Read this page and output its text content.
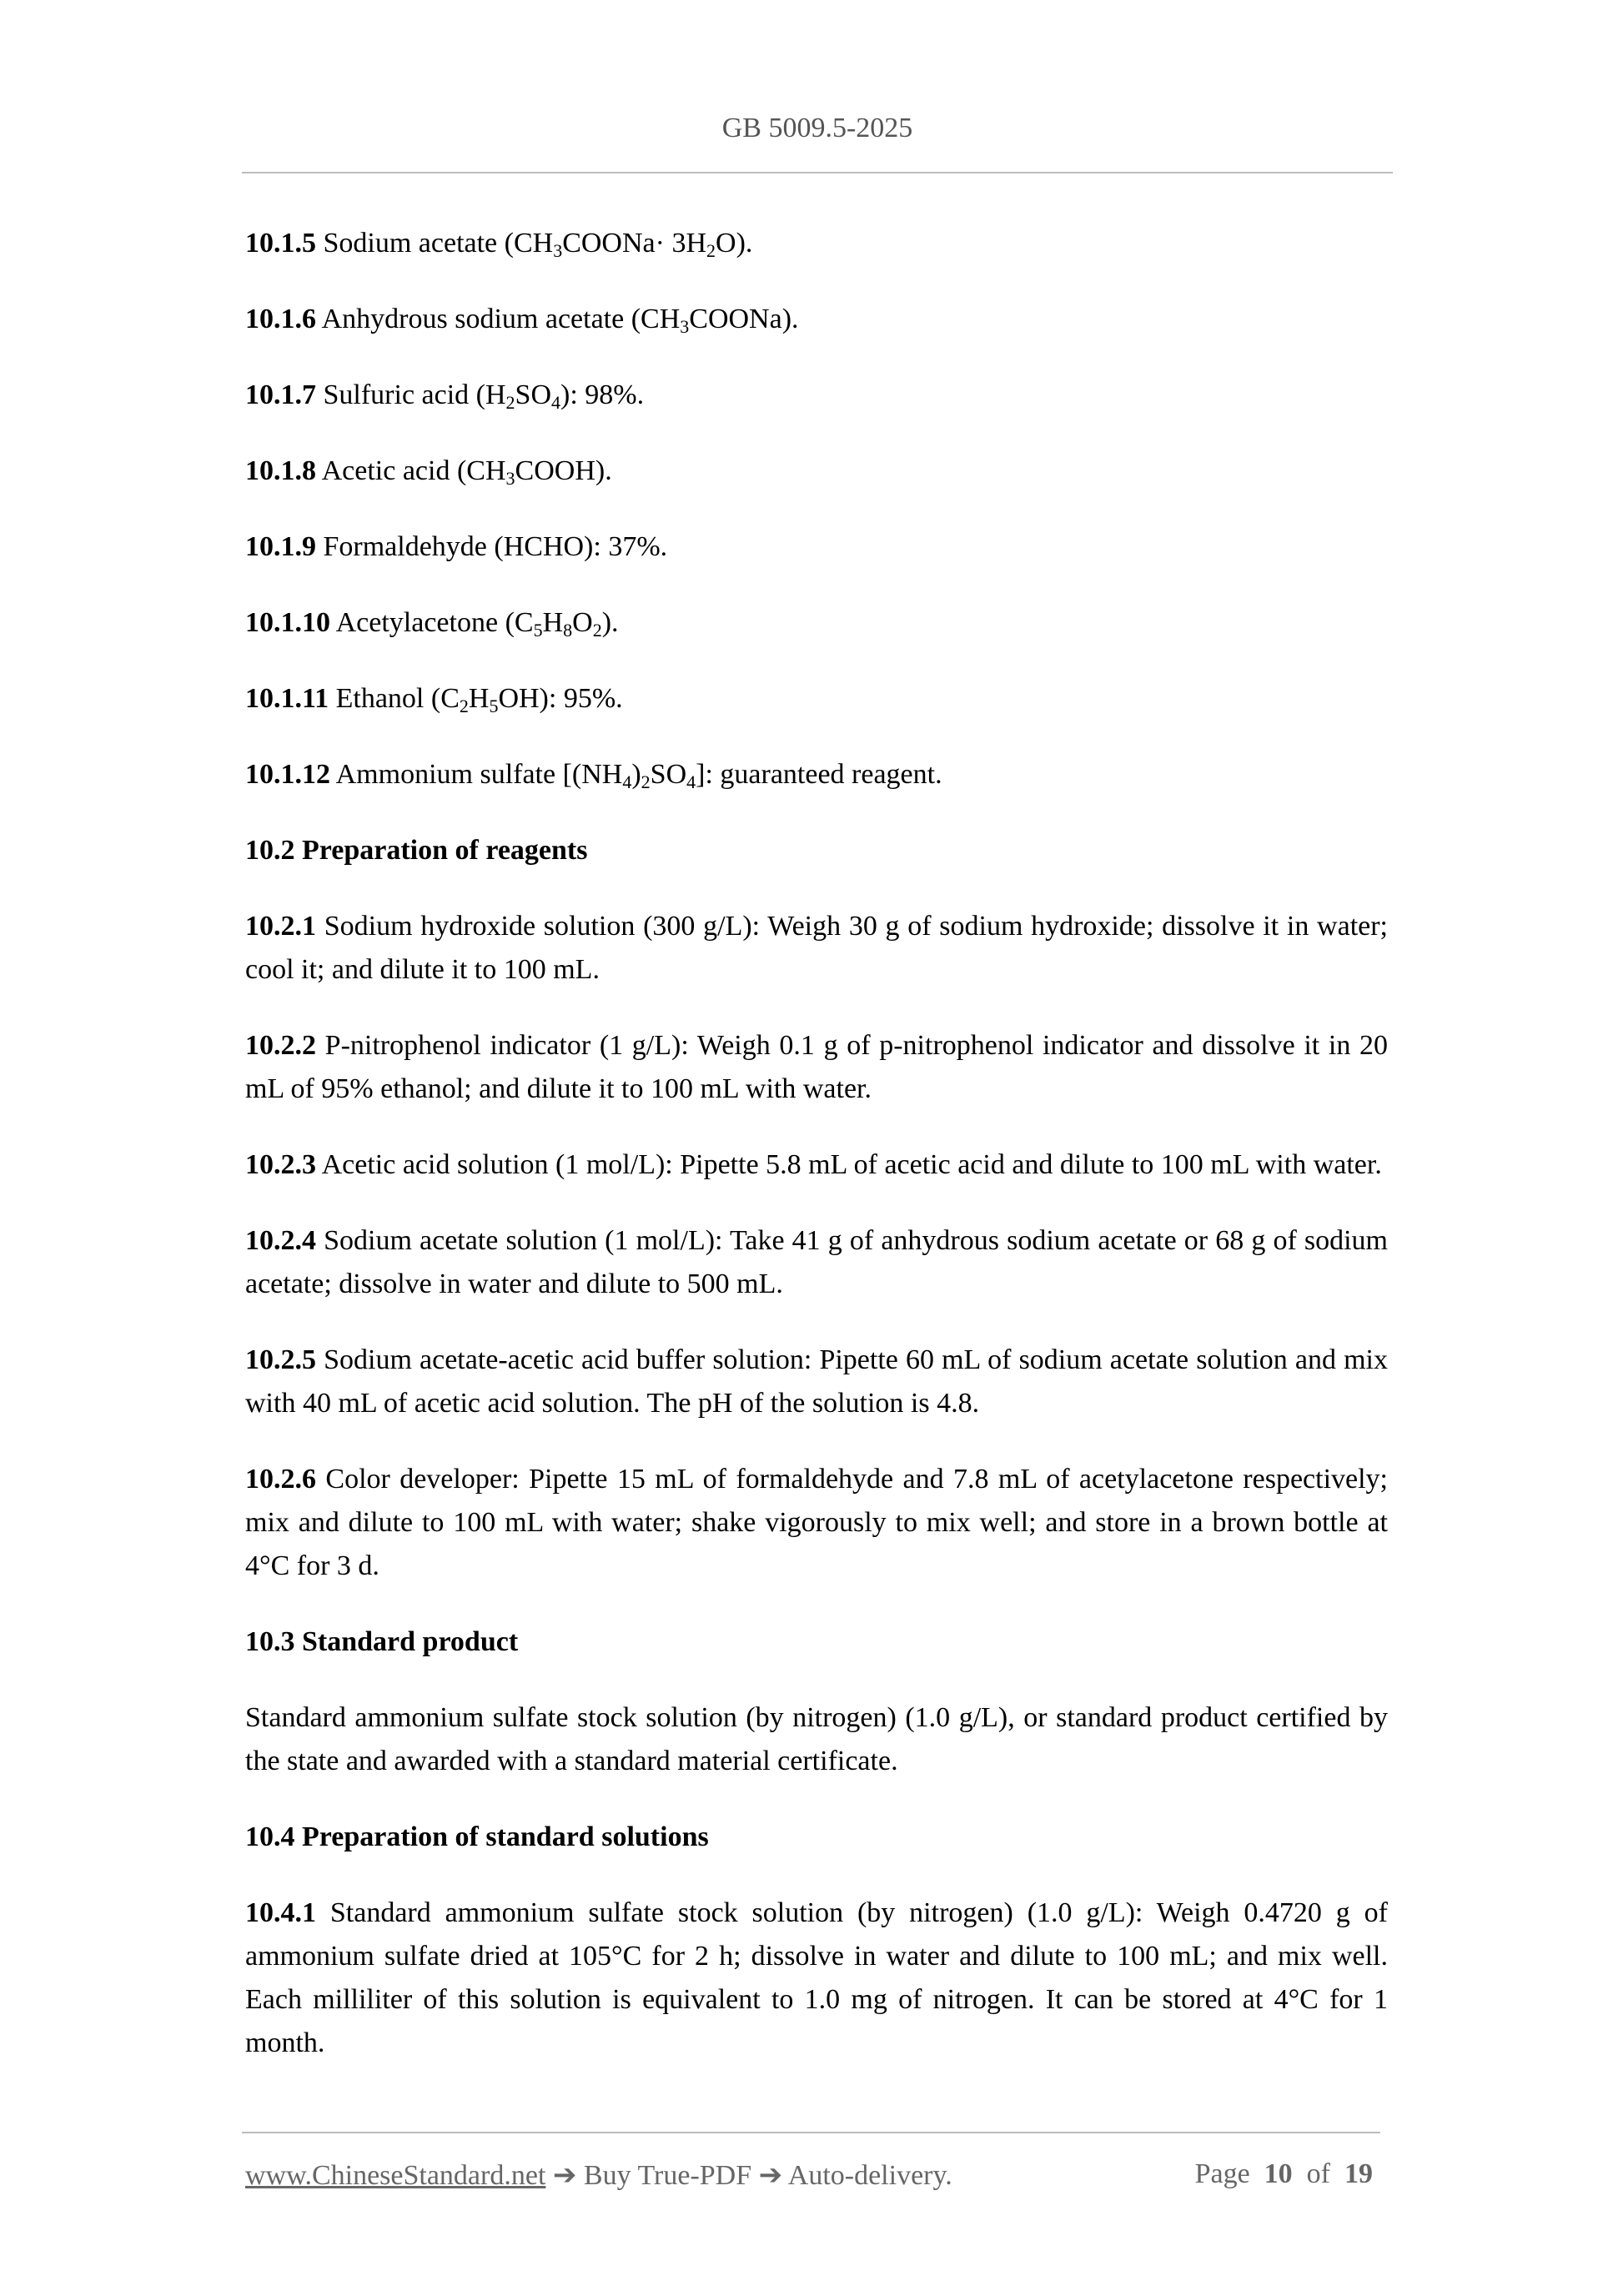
GB 5009.5-2025
10.1.5 Sodium acetate $(CH_3COONa\cdot 3H_2O)$.
10.1.6 Anhydrous sodium acetate $(CH_3COONa)$.
10.1.7 Sulfuric acid $(H_2SO_4)$: 98%.
10.1.8 Acetic acid $(CH_3COOH)$.
10.1.9 Formaldehyde (HCHO): 37%.
10.1.10 Acetylacetone $(C_5H_8O_2)$.
10.1.11 Ethanol $(C_2H_5OH)$: 95%.
10.1.12 Ammonium sulfate $[(NH_4)_2SO_4]$: guaranteed reagent.
10.2 Preparation of reagents
10.2.1 Sodium hydroxide solution (300 g/L): Weigh 30 g of sodium hydroxide; dissolve it in water; cool it; and dilute it to 100 mL.
10.2.2 P-nitrophenol indicator (1 g/L): Weigh 0.1 g of p-nitrophenol indicator and dissolve it in 20 mL of 95% ethanol; and dilute it to 100 mL with water.
10.2.3 Acetic acid solution (1 mol/L): Pipette 5.8 mL of acetic acid and dilute to 100 mL with water.
10.2.4 Sodium acetate solution (1 mol/L): Take 41 g of anhydrous sodium acetate or 68 g of sodium acetate; dissolve in water and dilute to 500 mL.
10.2.5 Sodium acetate-acetic acid buffer solution: Pipette 60 mL of sodium acetate solution and mix with 40 mL of acetic acid solution. The pH of the solution is 4.8.
10.2.6 Color developer: Pipette 15 mL of formaldehyde and 7.8 mL of acetylacetone respectively; mix and dilute to 100 mL with water; shake vigorously to mix well; and store in a brown bottle at 4°C for 3 d.
10.3 Standard product
Standard ammonium sulfate stock solution (by nitrogen) (1.0 g/L), or standard product certified by the state and awarded with a standard material certificate.
10.4 Preparation of standard solutions
10.4.1 Standard ammonium sulfate stock solution (by nitrogen) (1.0 g/L): Weigh 0.4720 g of ammonium sulfate dried at 105°C for 2 h; dissolve in water and dilute to 100 mL; and mix well. Each milliliter of this solution is equivalent to 1.0 mg of nitrogen. It can be stored at 4°C for 1 month.
www.ChineseStandard.net ➔ Buy True-PDF ➔ Auto-delivery.	Page 10 of 19
